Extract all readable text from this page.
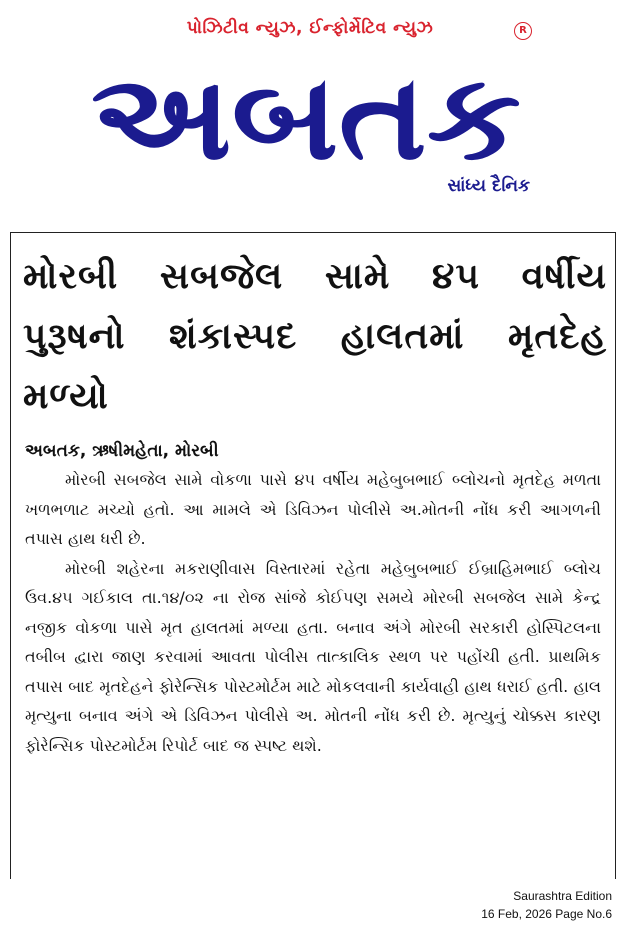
પોઝિટીવ ન્યુઝ, ઈન્ફોર્મેટિવ ન્યુઝ	R
અબતક
સાંધ્ય દૈનિક
મોરબી સબજેલ સામે ૪૫ વર્ષીય પુરૂષનો શંકાસ્પદ હાલતમાં મૃતદેહ મળ્યો

અબતક, ઋષીમહેતા, મોરબી

મોરબી સબજેલ સામે વોકળા પાસે ૪૫ વર્ષીય મહેબુબભાઈ બ્લોચનો મૃતદેહ મળતા ખળભળાટ મચ્યો હતો. આ મામલે એ ડિવિઝન પોલીસે અ.મોતની નોંધ કરી આગળની તપાસ હાથ ધરી છે.

મોરબી શહેરના મકરાણીવાસ વિસ્તારમાં રહેતા મહેબુબભાઈ ઈબ્રાહિમભાઈ બ્લોચ ઉવ.૪૫ ગઈકાલ તા.૧૪/૦૨ ના રોજ સાંજે કોઈપણ સમયે મોરબી સબજેલ સામે કેન્દ્ર નજીક વોકળા પાસે મૃત હાલતમાં મળ્યા હતા. બનાવ અંગે મોરબી સરકારી હોસ્પિટલના તબીબ દ્વારા જાણ કરવામાં આવતા પોલીસ તાત્કાલિક સ્થળ પર પહોંચી હતી. પ્રાથમિક તપાસ બાદ મૃતદેહને ફોરેન્સિક પોસ્ટમોર્ટમ માટે મોકલવાની કાર્યવાહી હાથ ધરાઈ હતી. હાલ મૃત્યુના બનાવ અંગે એ ડિવિઝન પોલીસે અ. મોતની નોંધ કરી છે. મૃત્યુનું ચોક્કસ કારણ ફોરેન્સિક પોસ્ટમોર્ટમ રિપોર્ટ બાદ જ સ્પષ્ટ થશે.

Saurashtra Edition
16 Feb, 2026 Page No.6
